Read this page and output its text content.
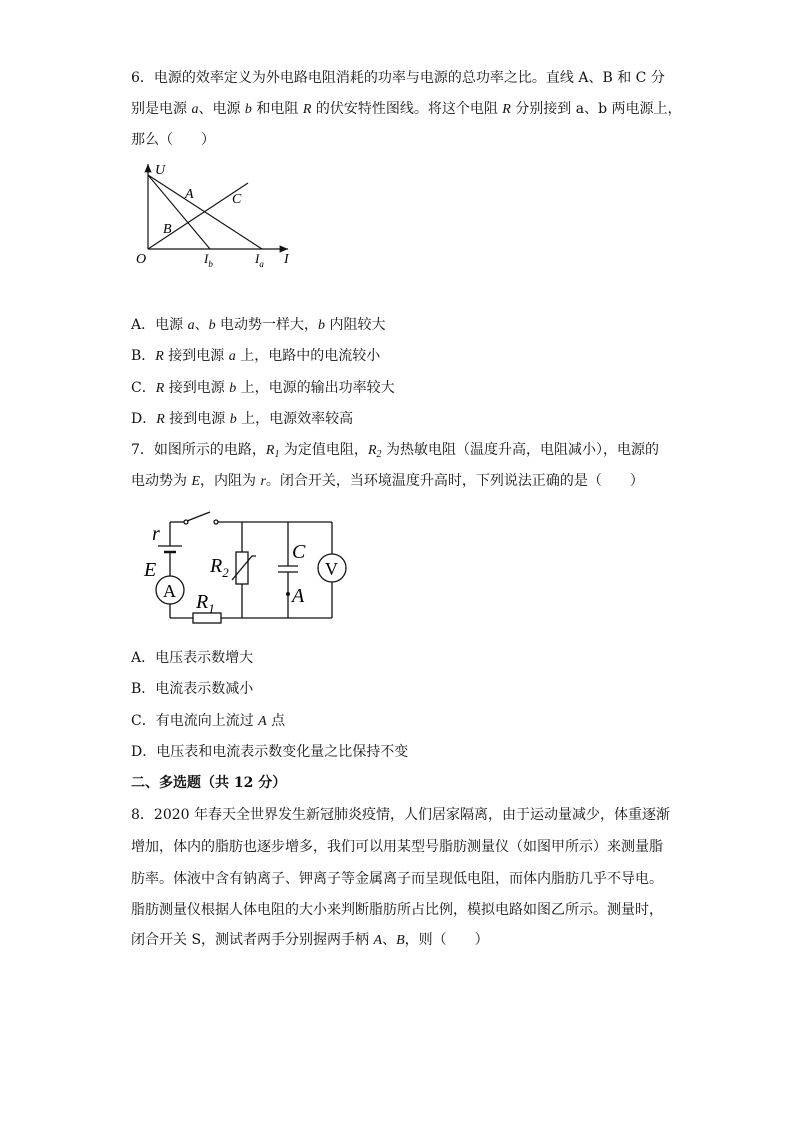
6．电源的效率定义为外电路电阻消耗的功率与电源的总功率之比。直线 A、B 和 C 分
别是电源 a、电源 b 和电阻 R 的伏安特性图线。将这个电阻 R 分别接到 a、b 两电源上，
那么（　　）
U
A	C
B
O	$I_b$	$I_a$ I
A．电源 a、b 电动势一样大，b 内阻较大
B．R 接到电源 a 上，电路中的电流较小
C．R 接到电源 b 上，电源的输出功率较大
D．R 接到电源 b 上，电源效率较高
7．如图所示的电路，$R_1$ 为定值电阻，$R_2$ 为热敏电阻（温度升高，电阻减小），电源的
电动势为 E，内阻为 r。闭合开关，当环境温度升高时，下列说法正确的是（　　）
r
E
A
$R_2$
$R_1$
C
A
V
A．电压表示数增大
B．电流表示数减小
C．有电流向上流过 A 点
D．电压表和电流表示数变化量之比保持不变
二、多选题（共 12 分）
8．2020 年春天全世界发生新冠肺炎疫情，人们居家隔离，由于运动量减少，体重逐渐
增加，体内的脂肪也逐步增多，我们可以用某型号脂肪测量仪（如图甲所示）来测量脂
肪率。体液中含有钠离子、钾离子等金属离子而呈现低电阻，而体内脂肪几乎不导电。
脂肪测量仪根据人体电阻的大小来判断脂肪所占比例，模拟电路如图乙所示。测量时，
闭合开关 S，测试者两手分别握两手柄 A、B，则（　　）
